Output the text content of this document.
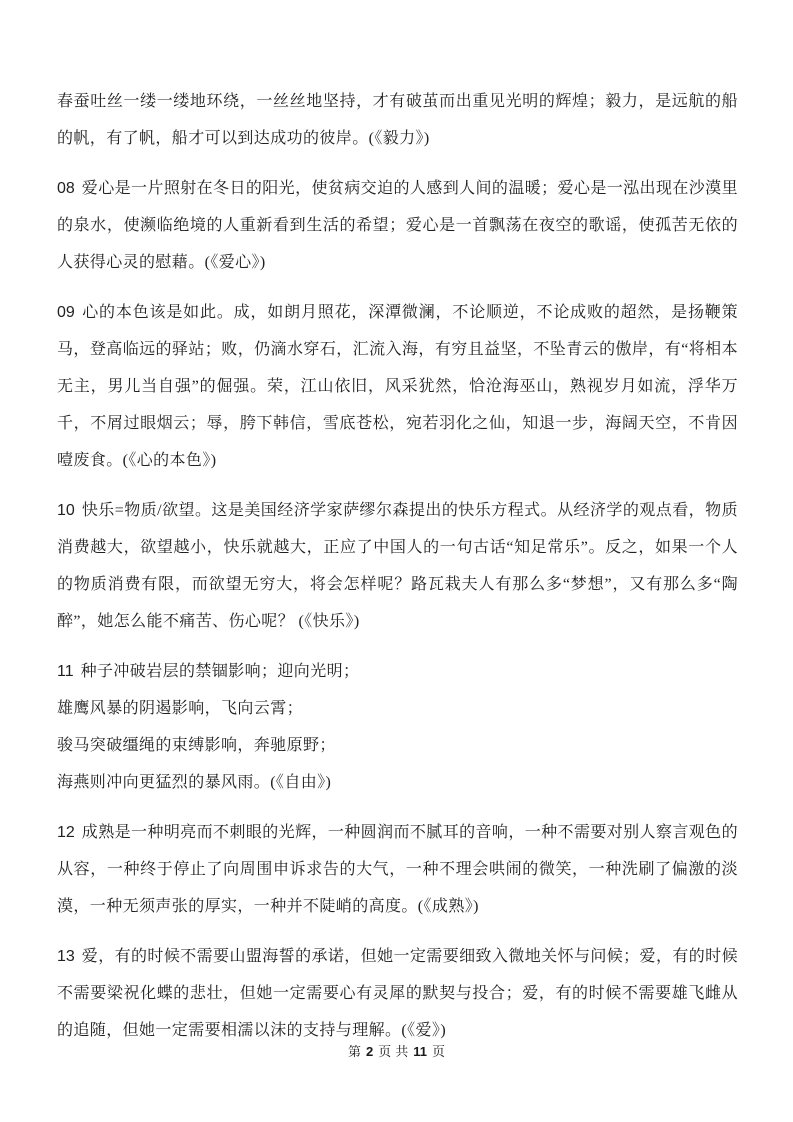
春蚕吐丝一缕一缕地环绕，一丝丝地坚持，才有破茧而出重见光明的辉煌；毅力，是远航的船的帆，有了帆，船才可以到达成功的彼岸。(《毅力》)
08 爱心是一片照射在冬日的阳光，使贫病交迫的人感到人间的温暖；爱心是一泓出现在沙漠里的泉水，使濒临绝境的人重新看到生活的希望；爱心是一首飘荡在夜空的歌谣，使孤苦无依的人获得心灵的慰藉。(《爱心》)
09 心的本色该是如此。成，如朗月照花，深潭微澜，不论顺逆，不论成败的超然，是扬鞭策马，登高临远的驿站；败，仍滴水穿石，汇流入海，有穷且益坚，不坠青云的傲岸，有“将相本无主，男儿当自强”的倔强。荣，江山依旧，风采犹然，恰沧海巫山，熟视岁月如流，浮华万千，不屑过眼烟云；辱，胯下韩信，雪底苍松，宛若羽化之仙，知退一步，海阔天空，不肯因噎废食。(《心的本色》)
10 快乐=物质/欲望。这是美国经济学家萨缪尔森提出的快乐方程式。从经济学的观点看，物质消费越大，欲望越小，快乐就越大，正应了中国人的一句古话“知足常乐”。反之，如果一个人的物质消费有限，而欲望无穷大，将会怎样呢？路瓦栽夫人有那么多“梦想”，又有那么多“陶醉”，她怎么能不痛苦、伤心呢？ (《快乐》)
11 种子冲破岩层的禁锢影响；迎向光明；
雄鹰风暴的阴遏影响，飞向云霄；
骏马突破缰绳的束缚影响，奔驰原野；
海燕则冲向更猛烈的暴风雨。(《自由》)
12 成熟是一种明亮而不刺眼的光辉，一种圆润而不腻耳的音响，一种不需要对别人察言观色的从容，一种终于停止了向周围申诉求告的大气，一种不理会哄闹的微笑，一种洗刷了偏激的淡漠，一种无须声张的厚实，一种并不陡峭的高度。(《成熟》)
13 爱，有的时候不需要山盟海誓的承诺，但她一定需要细致入微地关怀与问候；爱，有的时候不需要梁祝化蝶的悲壮，但她一定需要心有灵犀的默契与投合；爱，有的时候不需要雄飞雌从的追随，但她一定需要相濡以沫的支持与理解。(《爱》)
第 2 页 共 11 页
